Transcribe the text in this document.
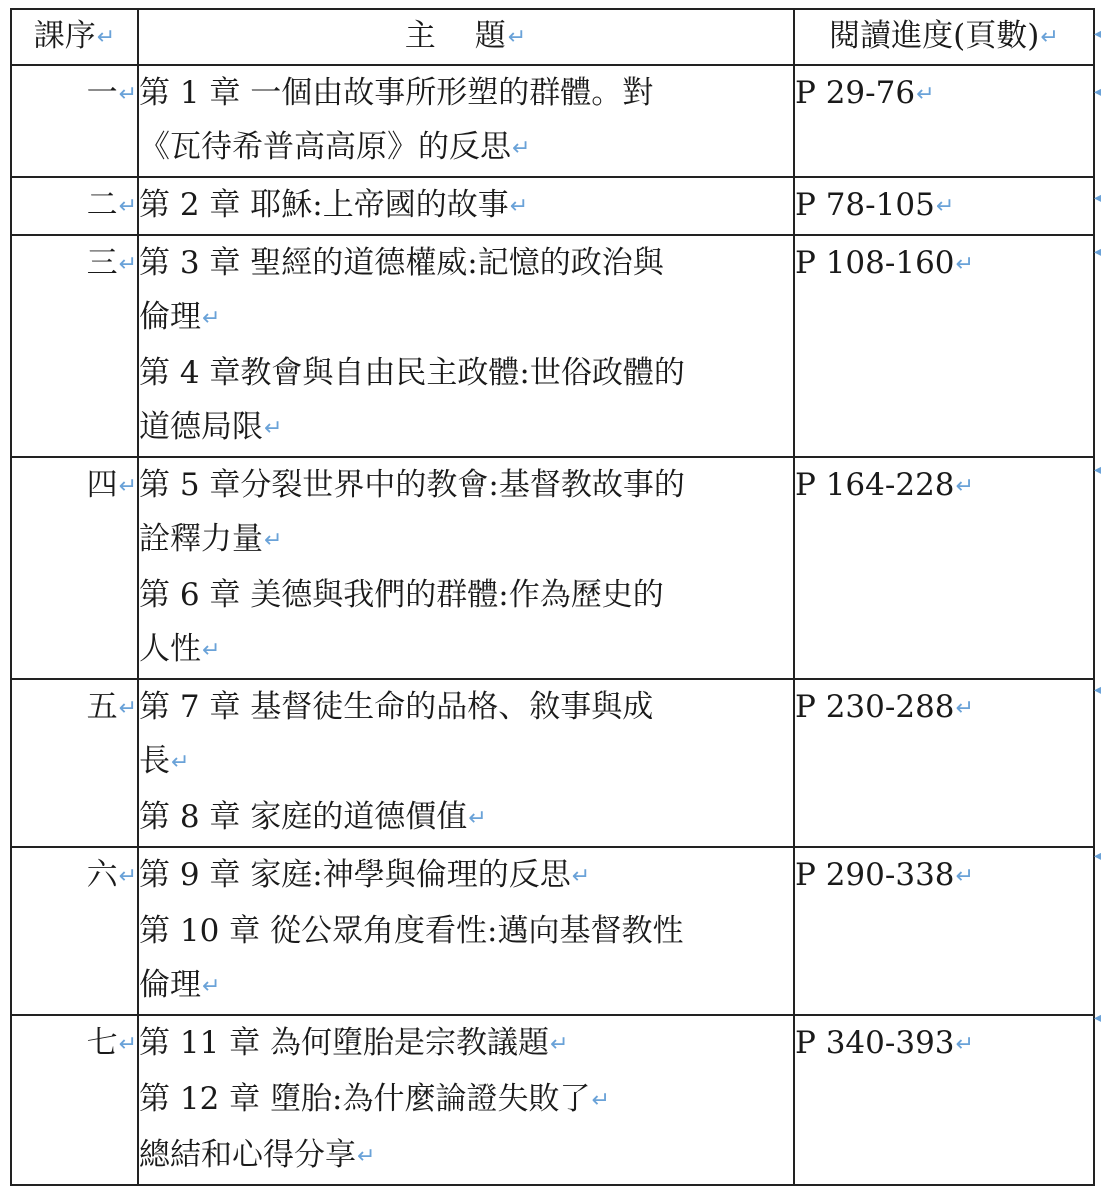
課序↵	主 題↵	閱讀進度(頁數)↵
一↵	第 1 章 一個由故事所形塑的群體。對
《瓦待希普高高原》的反思↵	P 29-76↵
二↵	第 2 章 耶穌:上帝國的故事↵	P 78-105↵
三↵	第 3 章 聖經的道德權威:記憶的政治與
倫理↵
第 4 章教會與自由民主政體:世俗政體的
道德局限↵	P 108-160↵
四↵	第 5 章分裂世界中的教會:基督教故事的
詮釋力量↵
第 6 章 美德與我們的群體:作為歷史的
人性↵	P 164-228↵
五↵	第 7 章 基督徒生命的品格、敘事與成
長↵
第 8 章 家庭的道德價值↵	P 230-288↵
六↵	第 9 章 家庭:神學與倫理的反思↵
第 10 章 從公眾角度看性:邁向基督教性
倫理↵	P 290-338↵
七↵	第 11 章 為何墮胎是宗教議題↵
第 12 章 墮胎:為什麼論證失敗了↵
總結和心得分享↵	P 340-393↵
◂
◂
◂
◂
◂
◂
◂
◂
